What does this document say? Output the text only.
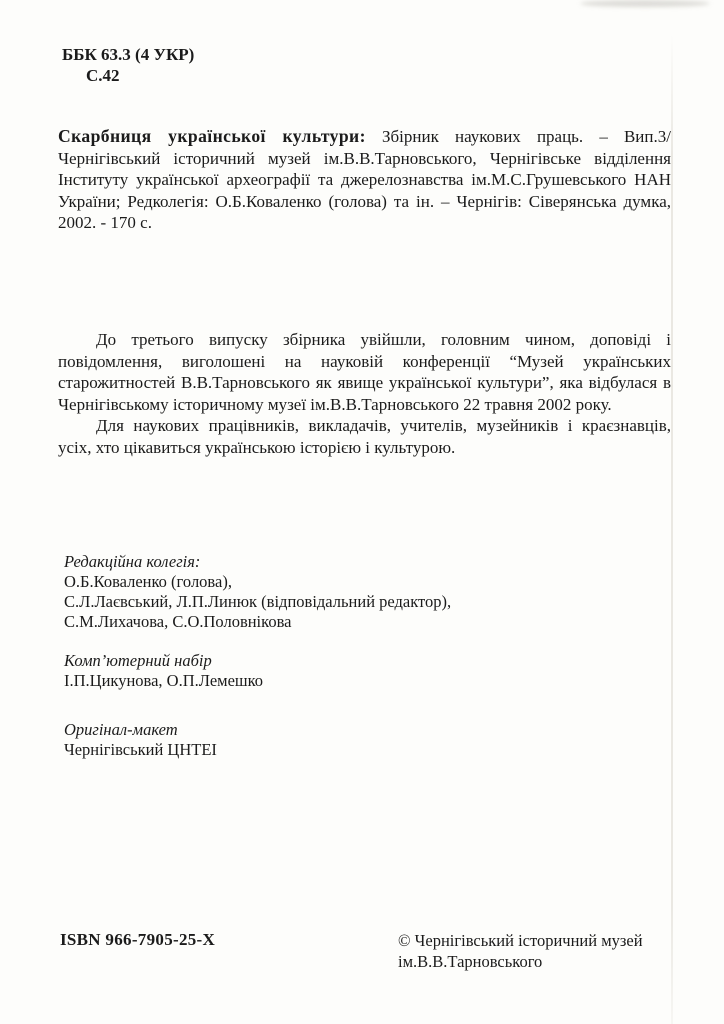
ББК 63.3 (4 УКР)
С.42
Скарбниця української культури: Збірник наукових праць. – Вип.3/ Чернігівський історичний музей ім.В.В.Тарновського, Чернігівське відділення Інституту української археографії та джерелознавства ім.М.С.Грушевського НАН України; Редколегія: О.Б.Коваленко (голова) та ін. – Чернігів: Сіверянська думка, 2002. - 170 с.

До третього випуску збірника увійшли, головним чином, доповіді і повідомлення, виголошені на науковій конференції “Музей українських старожитностей В.В.Тарновського як явище української культури”, яка відбулася в Чернігівському історичному музеї ім.В.В.Тарновського 22 травня 2002 року.

Для наукових працівників, викладачів, учителів, музейників і краєзнавців, усіх, хто цікавиться українською історією і культурою.

Редакційна колегія:
О.Б.Коваленко (голова),
С.Л.Лаєвський, Л.П.Линюк (відповідальний редактор),
С.М.Лихачова, С.О.Половнікова
Комп’ютерний набір
І.П.Цикунова, О.П.Лемешко
Оригінал-макет
Чернігівський ЦНТЕІ
ISBN 966-7905-25-X	© Чернігівський історичний музей
ім.В.В.Тарновського
